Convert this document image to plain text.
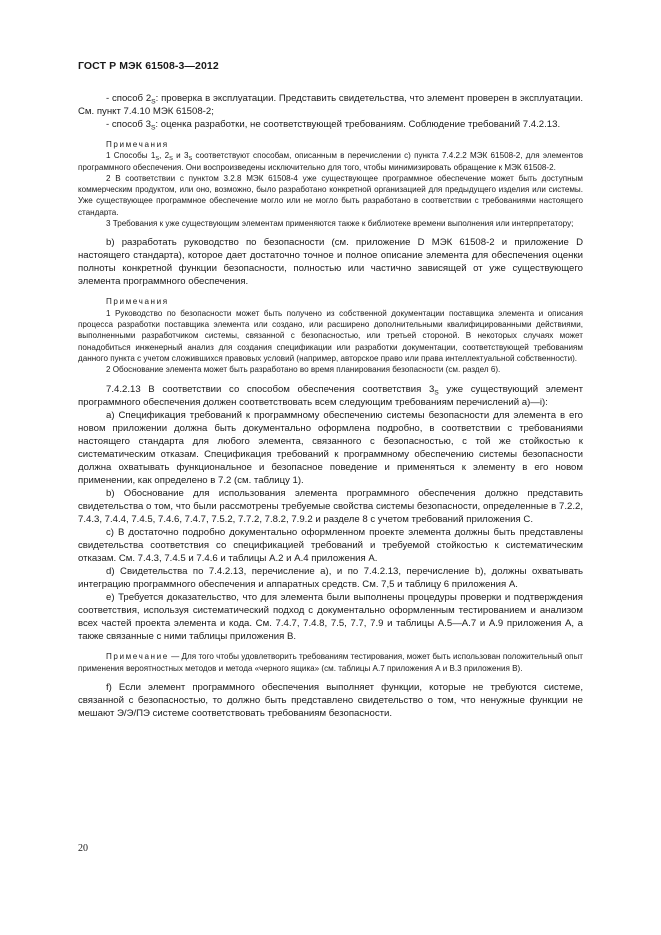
ГОСТ Р МЭК 61508-3—2012

- способ $2_S$: проверка в эксплуатации. Представить свидетельства, что элемент проверен в эксплуатации. См. пункт 7.4.10 МЭК 61508-2;

- способ $3_S$: оценка разработки, не соответствующей требованиям. Соблюдение требований 7.4.2.13.

Примечания

1 Способы $1_S$, $2_S$ и $3_S$ соответствуют способам, описанным в перечислении с) пункта 7.4.2.2 МЭК 61508-2, для элементов программного обеспечения. Они воспроизведены исключительно для того, чтобы минимизировать обращение к МЭК 61508-2.

2 В соответствии с пунктом 3.2.8 МЭК 61508-4 уже существующее программное обеспечение может быть доступным коммерческим продуктом, или оно, возможно, было разработано конкретной организацией для предыдущего изделия или системы. Уже существующее программное обеспечение могло или не могло быть разработано в соответствии с требованиями настоящего стандарта.

3 Требования к уже существующим элементам применяются также к библиотеке времени выполнения или интерпретатору;

b) разработать руководство по безопасности (см. приложение D МЭК 61508-2 и приложение D настоящего стандарта), которое дает достаточно точное и полное описание элемента для обеспечения оценки полноты конкретной функции безопасности, полностью или частично зависящей от уже существующего элемента программного обеспечения.

Примечания

1 Руководство по безопасности может быть получено из собственной документации поставщика элемента и описания процесса разработки поставщика элемента или создано, или расширено дополнительными квалифицированными действиями, выполненными разработчиком системы, связанной с безопасностью, или третьей стороной. В некоторых случаях может понадобиться инженерный анализ для создания спецификации или разработки документации, соответствующей требованиям данного пункта с учетом сложившихся правовых условий (например, авторское право или права интеллектуальной собственности).

2 Обоснование элемента может быть разработано во время планирования безопасности (см. раздел 6).

7.4.2.13 В соответствии со способом обеспечения соответствия $3_S$ уже существующий элемент программного обеспечения должен соответствовать всем следующим требованиям перечислений а)—i):

а) Спецификация требований к программному обеспечению системы безопасности для элемента в его новом приложении должна быть документально оформлена подробно, в соответствии с требованиями настоящего стандарта для любого элемента, связанного с безопасностью, с той же стойкостью к систематическим отказам. Спецификация требований к программному обеспечению системы безопасности должна охватывать функциональное и безопасное поведение и применяться к элементу в его новом применении, как определено в 7.2 (см. таблицу 1).

b) Обоснование для использования элемента программного обеспечения должно представить свидетельства о том, что были рассмотрены требуемые свойства системы безопасности, определенные в 7.2.2, 7.4.3, 7.4.4, 7.4.5, 7.4.6, 7.4.7, 7.5.2, 7.7.2, 7.8.2, 7.9.2 и разделе 8 с учетом требований приложения С.

с) В достаточно подробно документально оформленном проекте элемента должны быть представлены свидетельства соответствия со спецификацией требований и требуемой стойкостью к систематическим отказам. См. 7.4.3, 7.4.5 и 7.4.6 и таблицы А.2 и А.4 приложения А.

d) Свидетельства по 7.4.2.13, перечисление а), и по 7.4.2.13, перечисление b), должны охватывать интеграцию программного обеспечения и аппаратных средств. См. 7,5 и таблицу 6 приложения А.

е) Требуется доказательство, что для элемента были выполнены процедуры проверки и подтверждения соответствия, используя систематический подход с документально оформленным тестированием и анализом всех частей проекта элемента и кода. См. 7.4.7, 7.4.8, 7.5, 7.7, 7.9 и таблицы А.5—А.7 и А.9 приложения А, а также связанные с ними таблицы приложения В.

Примечание — Для того чтобы удовлетворить требованиям тестирования, может быть использован положительный опыт применения вероятностных методов и метода «черного ящика» (см. таблицы А.7 приложения А и В.3 приложения В).

f) Если элемент программного обеспечения выполняет функции, которые не требуются системе, связанной с безопасностью, то должно быть представлено свидетельство о том, что ненужные функции не мешают Э/Э/ПЭ системе соответствовать требованиям безопасности.

20
